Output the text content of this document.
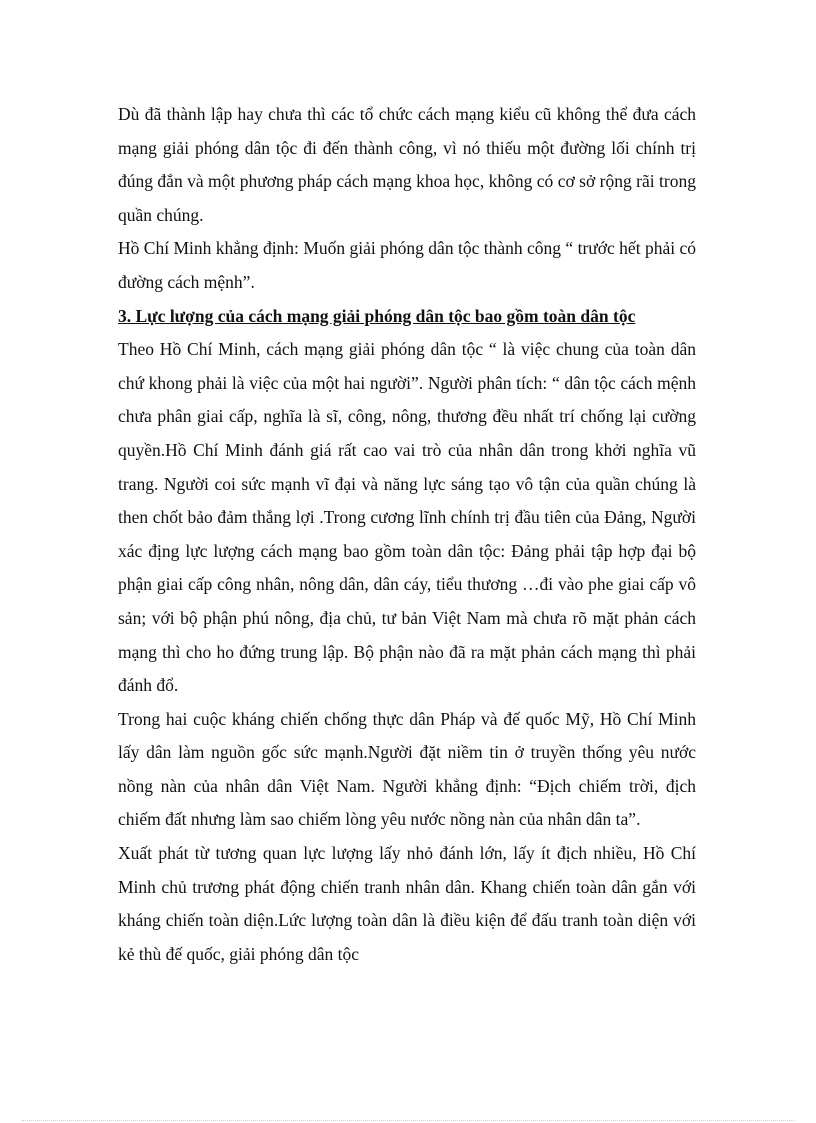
Dù đã thành lập hay chưa thì các tổ chức cách mạng kiểu cũ không thể đưa cách mạng giải phóng dân tộc đi đến thành công, vì nó thiếu một đường lối chính trị đúng đắn và một phương pháp cách mạng khoa học, không có cơ sở rộng rãi trong quần chúng.

Hồ Chí Minh khẳng định: Muốn giải phóng dân tộc thành công “ trước hết phải có đường cách mệnh”.

3. Lực lượng của cách mạng giải phóng dân tộc bao gồm toàn dân tộc

Theo Hồ Chí Minh, cách mạng giải phóng dân tộc “ là việc chung của toàn dân chứ khong phải là việc của một hai người”. Người phân tích: “ dân tộc cách mệnh chưa phân giai cấp, nghĩa là sĩ, công, nông, thương đều nhất trí chống lại cường quyền.Hồ Chí Minh đánh giá rất cao vai trò của nhân dân trong khởi nghĩa vũ trang. Người coi sức mạnh vĩ đại và năng lực sáng tạo vô tận của quần chúng là then chốt bảo đảm thắng lợi .Trong cương lĩnh chính trị đầu tiên của Đảng, Người xác địng lực lượng cách mạng bao gồm toàn dân tộc: Đảng phải tập hợp đại bộ phận giai cấp công nhân, nông dân, dân cáy, tiểu thương …đi vào phe giai cấp vô sản; với bộ phận phú nông, địa chủ, tư bản Việt Nam mà chưa rõ mặt phản cách mạng thì cho ho đứng trung lập. Bộ phận nào đã ra mặt phản cách mạng thì phải đánh đổ.

Trong hai cuộc kháng chiến chống thực dân Pháp và đế quốc Mỹ, Hồ Chí Minh lấy dân làm nguồn gốc sức mạnh.Người đặt niềm tin ở truyền thống yêu nước nồng nàn của nhân dân Việt Nam. Người khẳng định: “Địch chiếm trời, địch chiếm đất nhưng làm sao chiếm lòng yêu nước nồng nàn của nhân dân ta”.

Xuất phát từ tương quan lực lượng lấy nhỏ đánh lớn, lấy ít địch nhiều, Hồ Chí Minh chủ trương phát động chiến tranh nhân dân. Khang chiến toàn dân gắn với kháng chiến toàn diện.Lức lượng toàn dân là điều kiện để đấu tranh toàn diện với kẻ thù đế quốc, giải phóng dân tộc
